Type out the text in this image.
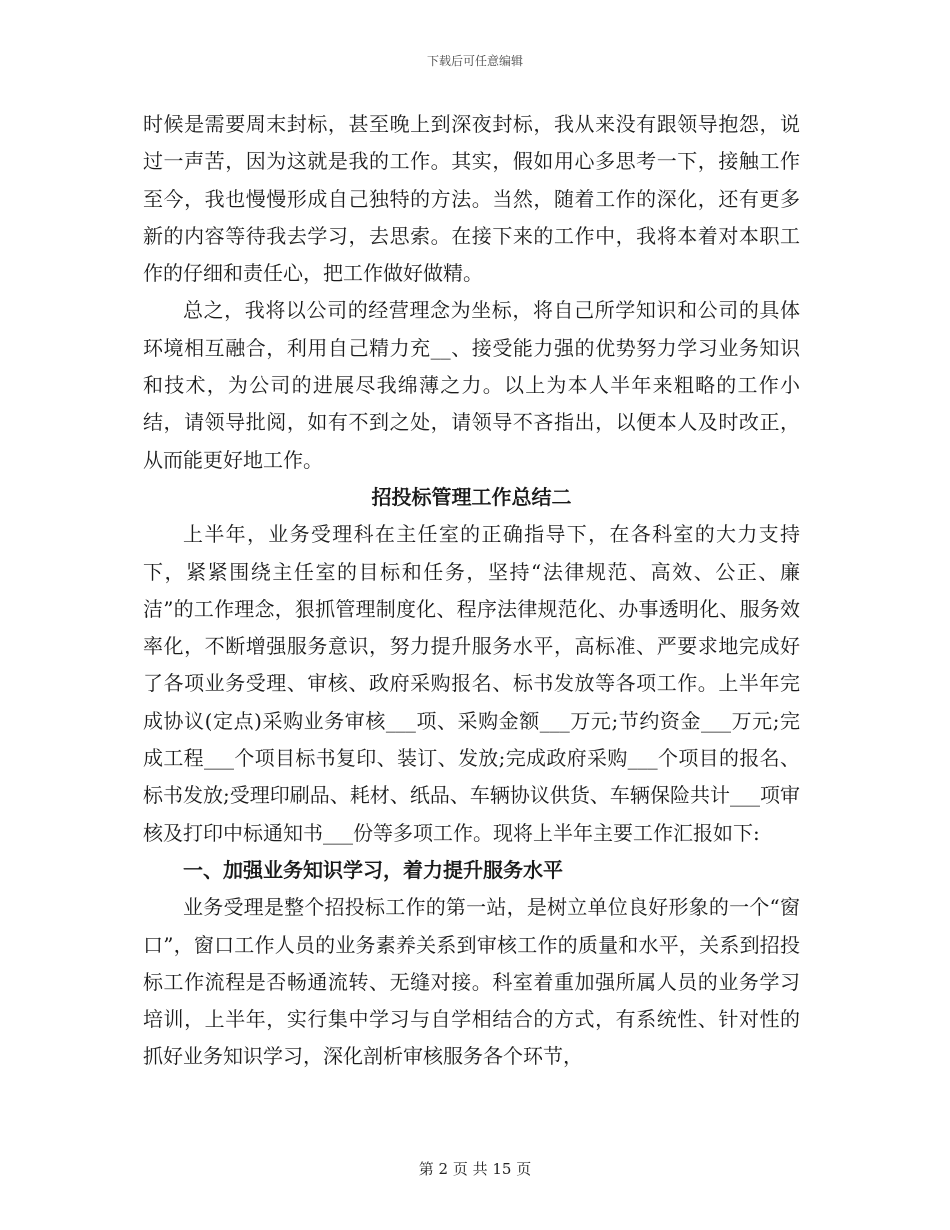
下载后可任意编辑

时候是需要周末封标，甚至晚上到深夜封标，我从来没有跟领导抱怨，说过一声苦，因为这就是我的工作。其实，假如用心多思考一下，接触工作至今，我也慢慢形成自己独特的方法。当然，随着工作的深化，还有更多新的内容等待我去学习，去思索。在接下来的工作中，我将本着对本职工作的仔细和责任心，把工作做好做精。

总之，我将以公司的经营理念为坐标，将自己所学知识和公司的具体环境相互融合，利用自己精力充__、接受能力强的优势努力学习业务知识和技术，为公司的进展尽我绵薄之力。以上为本人半年来粗略的工作小结，请领导批阅，如有不到之处，请领导不吝指出，以便本人及时改正，从而能更好地工作。

招投标管理工作总结二

上半年，业务受理科在主任室的正确指导下，在各科室的大力支持下，紧紧围绕主任室的目标和任务，坚持“法律规范、高效、公正、廉洁”的工作理念，狠抓管理制度化、程序法律规范化、办事透明化、服务效率化，不断增强服务意识，努力提升服务水平，高标准、严要求地完成好了各项业务受理、审核、政府采购报名、标书发放等各项工作。上半年完成协议(定点)采购业务审核___项、采购金额___万元;节约资金___万元;完成工程___个项目标书复印、装订、发放;完成政府采购___个项目的报名、标书发放;受理印刷品、耗材、纸品、车辆协议供货、车辆保险共计___项审核及打印中标通知书___份等多项工作。现将上半年主要工作汇报如下:

一、加强业务知识学习，着力提升服务水平

业务受理是整个招投标工作的第一站，是树立单位良好形象的一个“窗口”，窗口工作人员的业务素养关系到审核工作的质量和水平，关系到招投标工作流程是否畅通流转、无缝对接。科室着重加强所属人员的业务学习培训，上半年，实行集中学习与自学相结合的方式，有系统性、针对性的抓好业务知识学习，深化剖析审核服务各个环节，

第 2 页 共 15 页
